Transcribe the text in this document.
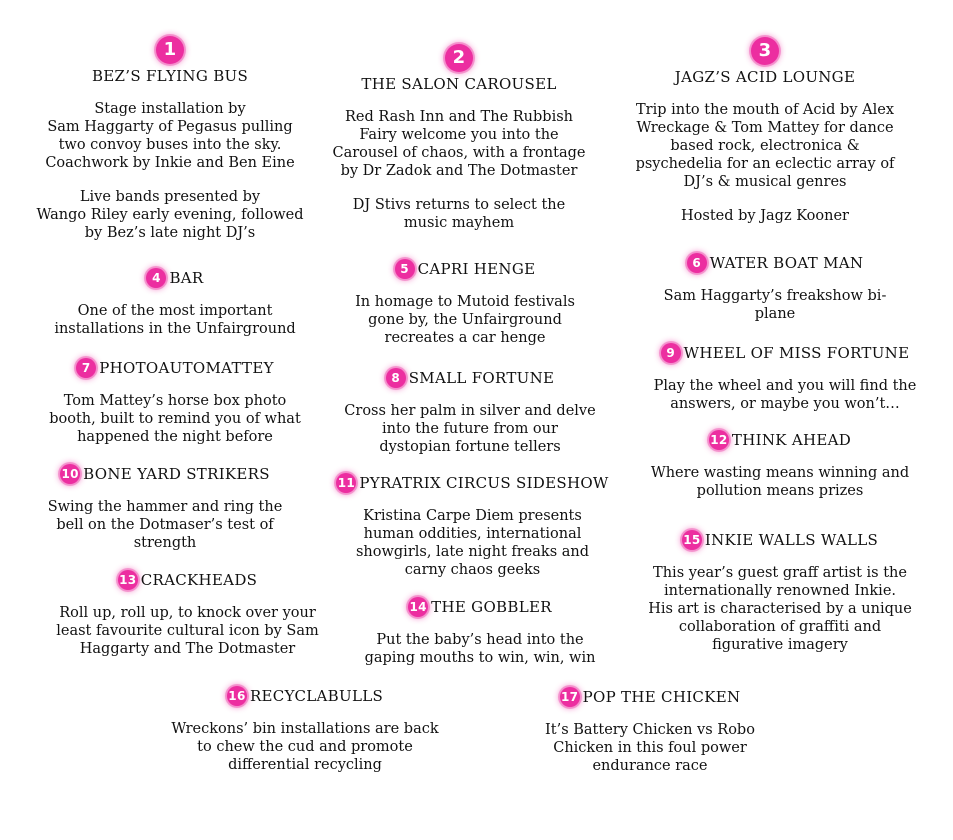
1
BEZ’S FLYING BUS
Stage installation by
Sam Haggarty of Pegasus pulling
two convoy buses into the sky.
Coachwork by Inkie and Ben Eine
Live bands presented by
Wango Riley early evening, followed
by Bez’s late night DJ’s
2
THE SALON CAROUSEL
Red Rash Inn and The Rubbish
Fairy welcome you into the
Carousel of chaos, with a frontage
by Dr Zadok and The Dotmaster
DJ Stivs returns to select the
music mayhem
3
JAGZ’S ACID LOUNGE
Trip into the mouth of Acid by Alex
Wreckage & Tom Mattey for dance
based rock, electronica &
psychedelia for an eclectic array of
DJ’s & musical genres
Hosted by Jagz Kooner
4 BAR
One of the most important
installations in the Unfairground
5 CAPRI HENGE
In homage to Mutoid festivals
gone by, the Unfairground
recreates a car henge
6 WATER BOAT MAN
Sam Haggarty’s freakshow bi-
plane
7 PHOTOAUTOMATTEY
Tom Mattey’s horse box photo
booth, built to remind you of what
happened the night before
8 SMALL FORTUNE
Cross her palm in silver and delve
into the future from our
dystopian fortune tellers
9 WHEEL OF MISS FORTUNE
Play the wheel and you will find the
answers, or maybe you won’t…
10 BONE YARD STRIKERS
Swing the hammer and ring the
bell on the Dotmaser’s test of
strength
11 PYRATRIX CIRCUS SIDESHOW
Kristina Carpe Diem presents
human oddities, international
showgirls, late night freaks and
carny chaos geeks
12 THINK AHEAD
Where wasting means winning and
pollution means prizes
13 CRACKHEADS
Roll up, roll up, to knock over your
least favourite cultural icon by Sam
Haggarty and The Dotmaster
14 THE GOBBLER
Put the baby’s head into the
gaping mouths to win, win, win
15 INKIE WALLS WALLS
This year’s guest graff artist is the
internationally renowned Inkie.
His art is characterised by a unique
collaboration of graffiti and
figurative imagery
16 RECYCLABULLS
Wreckons’ bin installations are back
to chew the cud and promote
differential recycling
17 POP THE CHICKEN
It’s Battery Chicken vs Robo
Chicken in this foul power
endurance race
